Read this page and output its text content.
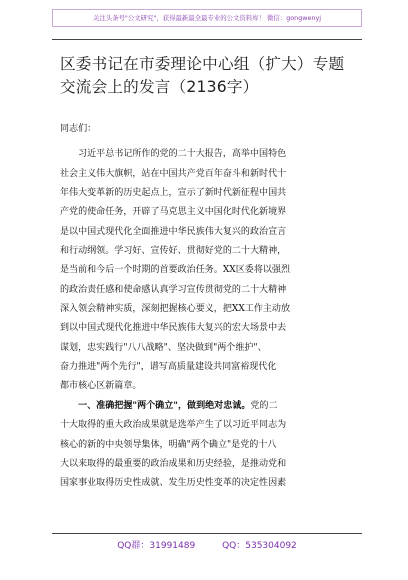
关注头条号"公文研究"，获得最新最全最专业的公文资料库！ 微信：gongwenyj
区委书记在市委理论中心组（扩大）专题
交流会上的发言（2136字）
同志们：
　　习近平总书记所作的党的二十大报告，高举中国特色
社会主义伟大旗帜，站在中国共产党百年奋斗和新时代十
年伟大变革新的历史起点上，宣示了新时代新征程中国共
产党的使命任务，开辟了马克思主义中国化时代化新境界
是以中国式现代化全面推进中华民族伟大复兴的政治宣言
和行动纲领。学习好、宣传好、贯彻好党的二十大精神，
是当前和今后一个时期的首要政治任务。XX区委将以强烈
的政治责任感和使命感认真学习宣传贯彻党的二十大精神
深入领会精神实质，深刻把握核心要义，把XX工作主动放
到以中国式现代化推进中华民族伟大复兴的宏大场景中去
谋划，忠实践行"八八战略"、坚决做到"两个维护"、
奋力推进"两个先行"，谱写高质量建设共同富裕现代化
都市核心区新篇章。
　　一、准确把握"两个确立"，做到绝对忠诚。党的二
十大取得的重大政治成果就是选举产生了以习近平同志为
核心的新的中央领导集体，明确"两个确立"是党的十八
大以来取得的最重要的政治成果和历史经验，是推动党和
国家事业取得历史性成就、发生历史性变革的决定性因素
QQ群：31991489	QQ：535304092
